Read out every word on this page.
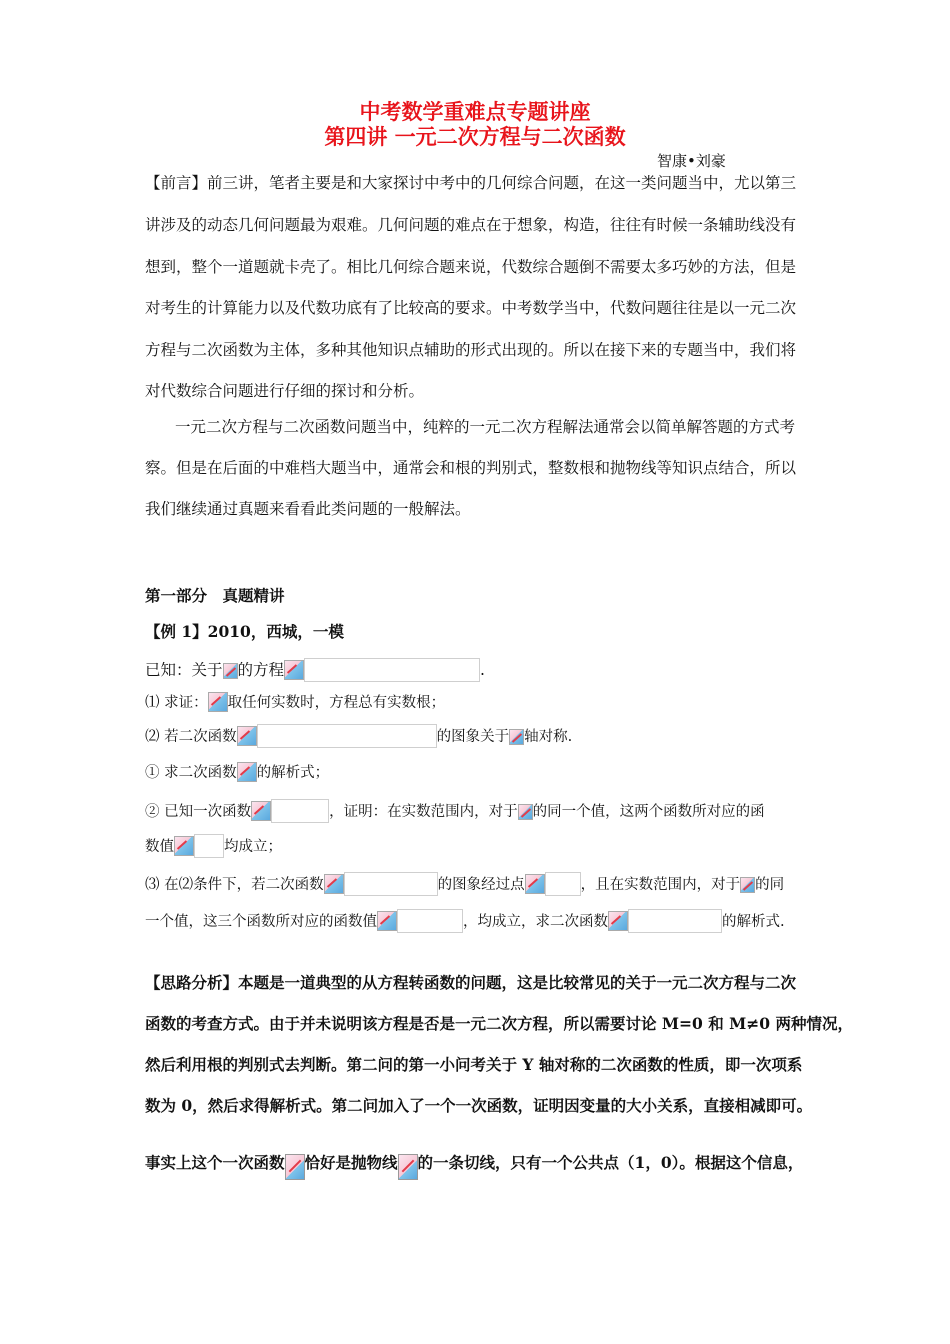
中考数学重难点专题讲座
第四讲 一元二次方程与二次函数
智康•刘豪
【前言】前三讲，笔者主要是和大家探讨中考中的几何综合问题，在这一类问题当中，尤以第三
讲涉及的动态几何问题最为艰难。几何问题的难点在于想象，构造，往往有时候一条辅助线没有
想到，整个一道题就卡壳了。相比几何综合题来说，代数综合题倒不需要太多巧妙的方法，但是
对考生的计算能力以及代数功底有了比较高的要求。中考数学当中，代数问题往往是以一元二次
方程与二次函数为主体，多种其他知识点辅助的形式出现的。所以在接下来的专题当中，我们将
对代数综合问题进行仔细的探讨和分析。
一元二次方程与二次函数问题当中，纯粹的一元二次方程解法通常会以简单解答题的方式考
察。但是在后面的中难档大题当中，通常会和根的判别式，整数根和抛物线等知识点结合，所以
我们继续通过真题来看看此类问题的一般解法。
第一部分　真题精讲
【例 1】2010，西城，一模
已知：关于 的方程	.
⑴ 求证： 取任何实数时，方程总有实数根；
⑵ 若二次函数	的图象关于 轴对称.
① 求二次函数 的解析式；
② 已知一次函数	，证明：在实数范围内，对于 的同一个值，这两个函数所对应的函
数值	均成立；
⑶ 在⑵条件下，若二次函数	的图象经过点	，且在实数范围内，对于 的同
一个值，这三个函数所对应的函数值	，均成立，求二次函数	的解析式.
【思路分析】本题是一道典型的从方程转函数的问题，这是比较常见的关于一元二次方程与二次
函数的考查方式。由于并未说明该方程是否是一元二次方程，所以需要讨论 M=0 和 M≠0 两种情况，
然后利用根的判别式去判断。第二问的第一小问考关于 Y 轴对称的二次函数的性质，即一次项系
数为 0，然后求得解析式。第二问加入了一个一次函数，证明因变量的大小关系，直接相减即可。
事实上这个一次函数 恰好是抛物线 的一条切线，只有一个公共点（1，0）。根据这个信息，
